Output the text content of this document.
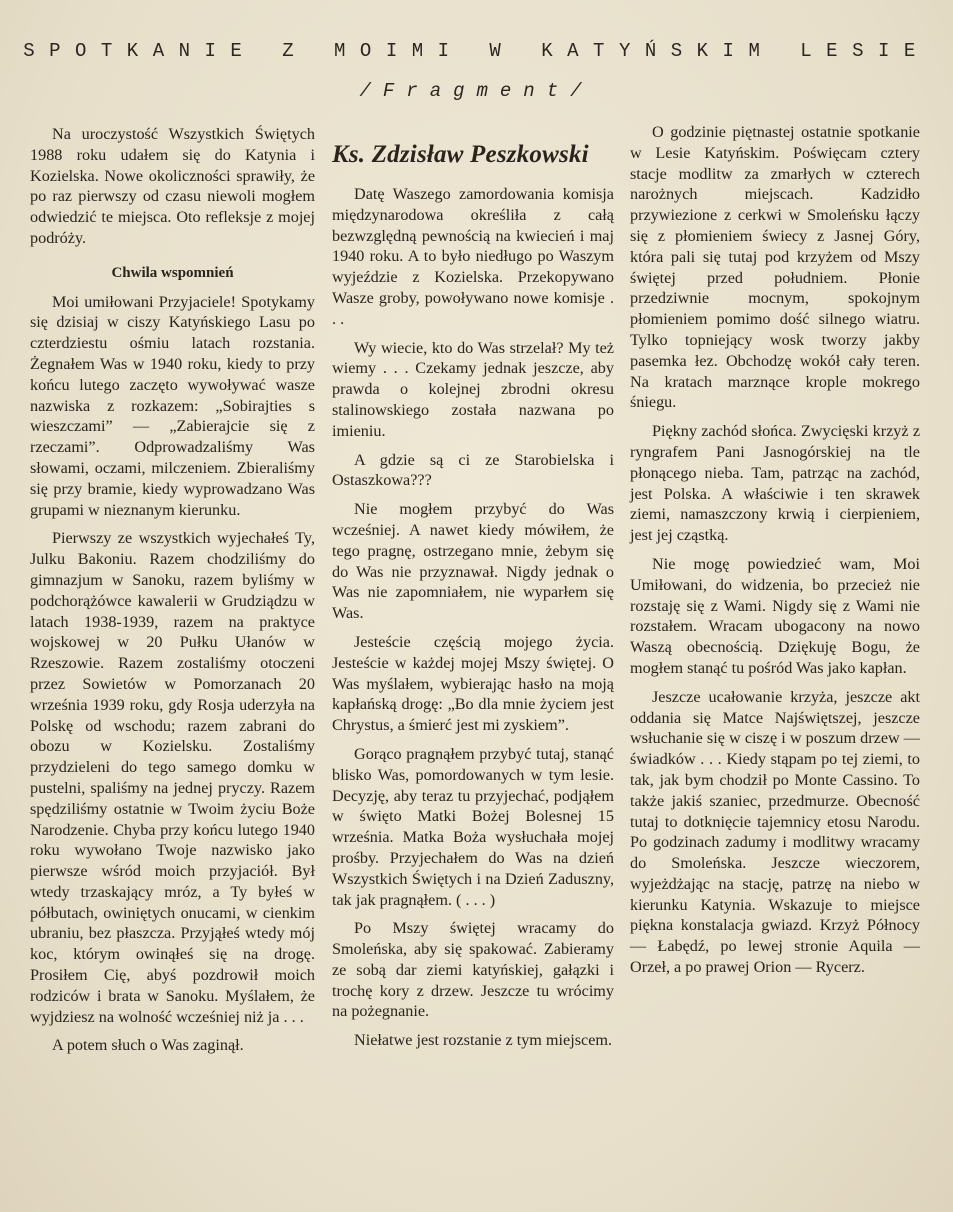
SPOTKANIE Z MOIMI W KATYŃSKIM LESIE
/Fragment/

Na uroczystość Wszystkich Świętych 1988 roku udałem się do Katynia i Kozielska. Nowe okoliczności sprawiły, że po raz pierwszy od czasu niewoli mogłem odwiedzić te miejsca. Oto refleksje z mojej podróży.

Chwila wspomnień

Moi umiłowani Przyjaciele! Spotykamy się dzisiaj w ciszy Katyńskiego Lasu po czterdziestu ośmiu latach rozstania. Żegnałem Was w 1940 roku, kiedy to przy końcu lutego zaczęto wywoływać wasze nazwiska z rozkazem: „Sobirajties s wieszczami” — „Zabierajcie się z rzeczami”. Odprowadzaliśmy Was słowami, oczami, milczeniem. Zbieraliśmy się przy bramie, kiedy wyprowadzano Was grupami w nieznanym kierunku.

Pierwszy ze wszystkich wyjechałeś Ty, Julku Bakoniu. Razem chodziliśmy do gimnazjum w Sanoku, razem byliśmy w podchorążówce kawalerii w Grudziądzu w latach 1938-1939, razem na praktyce wojskowej w 20 Pułku Ułanów w Rzeszowie. Razem zostaliśmy otoczeni przez Sowietów w Pomorzanach 20 września 1939 roku, gdy Rosja uderzyła na Polskę od wschodu; razem zabrani do obozu w Kozielsku. Zostaliśmy przydzieleni do tego samego domku w pustelni, spaliśmy na jednej pryczy. Razem spędziliśmy ostatnie w Twoim życiu Boże Narodzenie. Chyba przy końcu lutego 1940 roku wywołano Twoje nazwisko jako pierwsze wśród moich przyjaciół. Był wtedy trzaskający mróz, a Ty byłeś w półbutach, owiniętych onucami, w cienkim ubraniu, bez płaszcza. Przyjąłeś wtedy mój koc, którym owinąłeś się na drogę. Prosiłem Cię, abyś pozdrowił moich rodziców i brata w Sanoku. Myślałem, że wyjdziesz na wolność wcześniej niż ja . . .

A potem słuch o Was zaginął.

Ks. Zdzisław Peszkowski

Datę Waszego zamordowania komisja międzynarodowa określiła z całą bezwzględną pewnością na kwiecień i maj 1940 roku. A to było niedługo po Waszym wyjeździe z Kozielska. Przekopywano Wasze groby, powoływano nowe komisje . . .

Wy wiecie, kto do Was strzelał? My też wiemy . . . Czekamy jednak jeszcze, aby prawda o kolejnej zbrodni okresu stalinowskiego została nazwana po imieniu.

A gdzie są ci ze Starobielska i Ostaszkowa???

Nie mogłem przybyć do Was wcześniej. A nawet kiedy mówiłem, że tego pragnę, ostrzegano mnie, żebym się do Was nie przyznawał. Nigdy jednak o Was nie zapomniałem, nie wyparłem się Was.

Jesteście częścią mojego życia. Jesteście w każdej mojej Mszy świętej. O Was myślałem, wybierając hasło na moją kapłańską drogę: „Bo dla mnie życiem jest Chrystus, a śmierć jest mi zyskiem”.

Gorąco pragnąłem przybyć tutaj, stanąć blisko Was, pomordowanych w tym lesie. Decyzję, aby teraz tu przyjechać, podjąłem w święto Matki Bożej Bolesnej 15 września. Matka Boża wysłuchała mojej prośby. Przyjechałem do Was na dzień Wszystkich Świętych i na Dzień Zaduszny, tak jak pragnąłem. ( . . . )

Po Mszy świętej wracamy do Smoleńska, aby się spakować. Zabieramy ze sobą dar ziemi katyńskiej, gałązki i trochę kory z drzew. Jeszcze tu wrócimy na pożegnanie.

Niełatwe jest rozstanie z tym miejscem.

O godzinie piętnastej ostatnie spotkanie w Lesie Katyńskim. Poświęcam cztery stacje modlitw za zmarłych w czterech narożnych miejscach. Kadzidło przywiezione z cerkwi w Smoleńsku łączy się z płomieniem świecy z Jasnej Góry, która pali się tutaj pod krzyżem od Mszy świętej przed południem. Płonie przedziwnie mocnym, spokojnym płomieniem pomimo dość silnego wiatru. Tylko topniejący wosk tworzy jakby pasemka łez. Obchodzę wokół cały teren. Na kratach marznące krople mokrego śniegu.

Piękny zachód słońca. Zwycięski krzyż z ryngrafem Pani Jasnogórskiej na tle płonącego nieba. Tam, patrząc na zachód, jest Polska. A właściwie i ten skrawek ziemi, namaszczony krwią i cierpieniem, jest jej cząstką.

Nie mogę powiedzieć wam, Moi Umiłowani, do widzenia, bo przecież nie rozstaję się z Wami. Nigdy się z Wami nie rozstałem. Wracam ubogacony na nowo Waszą obecnością. Dziękuję Bogu, że mogłem stanąć tu pośród Was jako kapłan.

Jeszcze ucałowanie krzyża, jeszcze akt oddania się Matce Najświętszej, jeszcze wsłuchanie się w ciszę i w poszum drzew — świadków . . . Kiedy stąpam po tej ziemi, to tak, jak bym chodził po Monte Cassino. To także jakiś szaniec, przedmurze. Obecność tutaj to dotknięcie tajemnicy etosu Narodu. Po godzinach zadumy i modlitwy wracamy do Smoleńska. Jeszcze wieczorem, wyjeżdżając na stację, patrzę na niebo w kierunku Katynia. Wskazuje to miejsce piękna konstalacja gwiazd. Krzyż Północy — Łabędź, po lewej stronie Aquila — Orzeł, a po prawej Orion — Rycerz.
